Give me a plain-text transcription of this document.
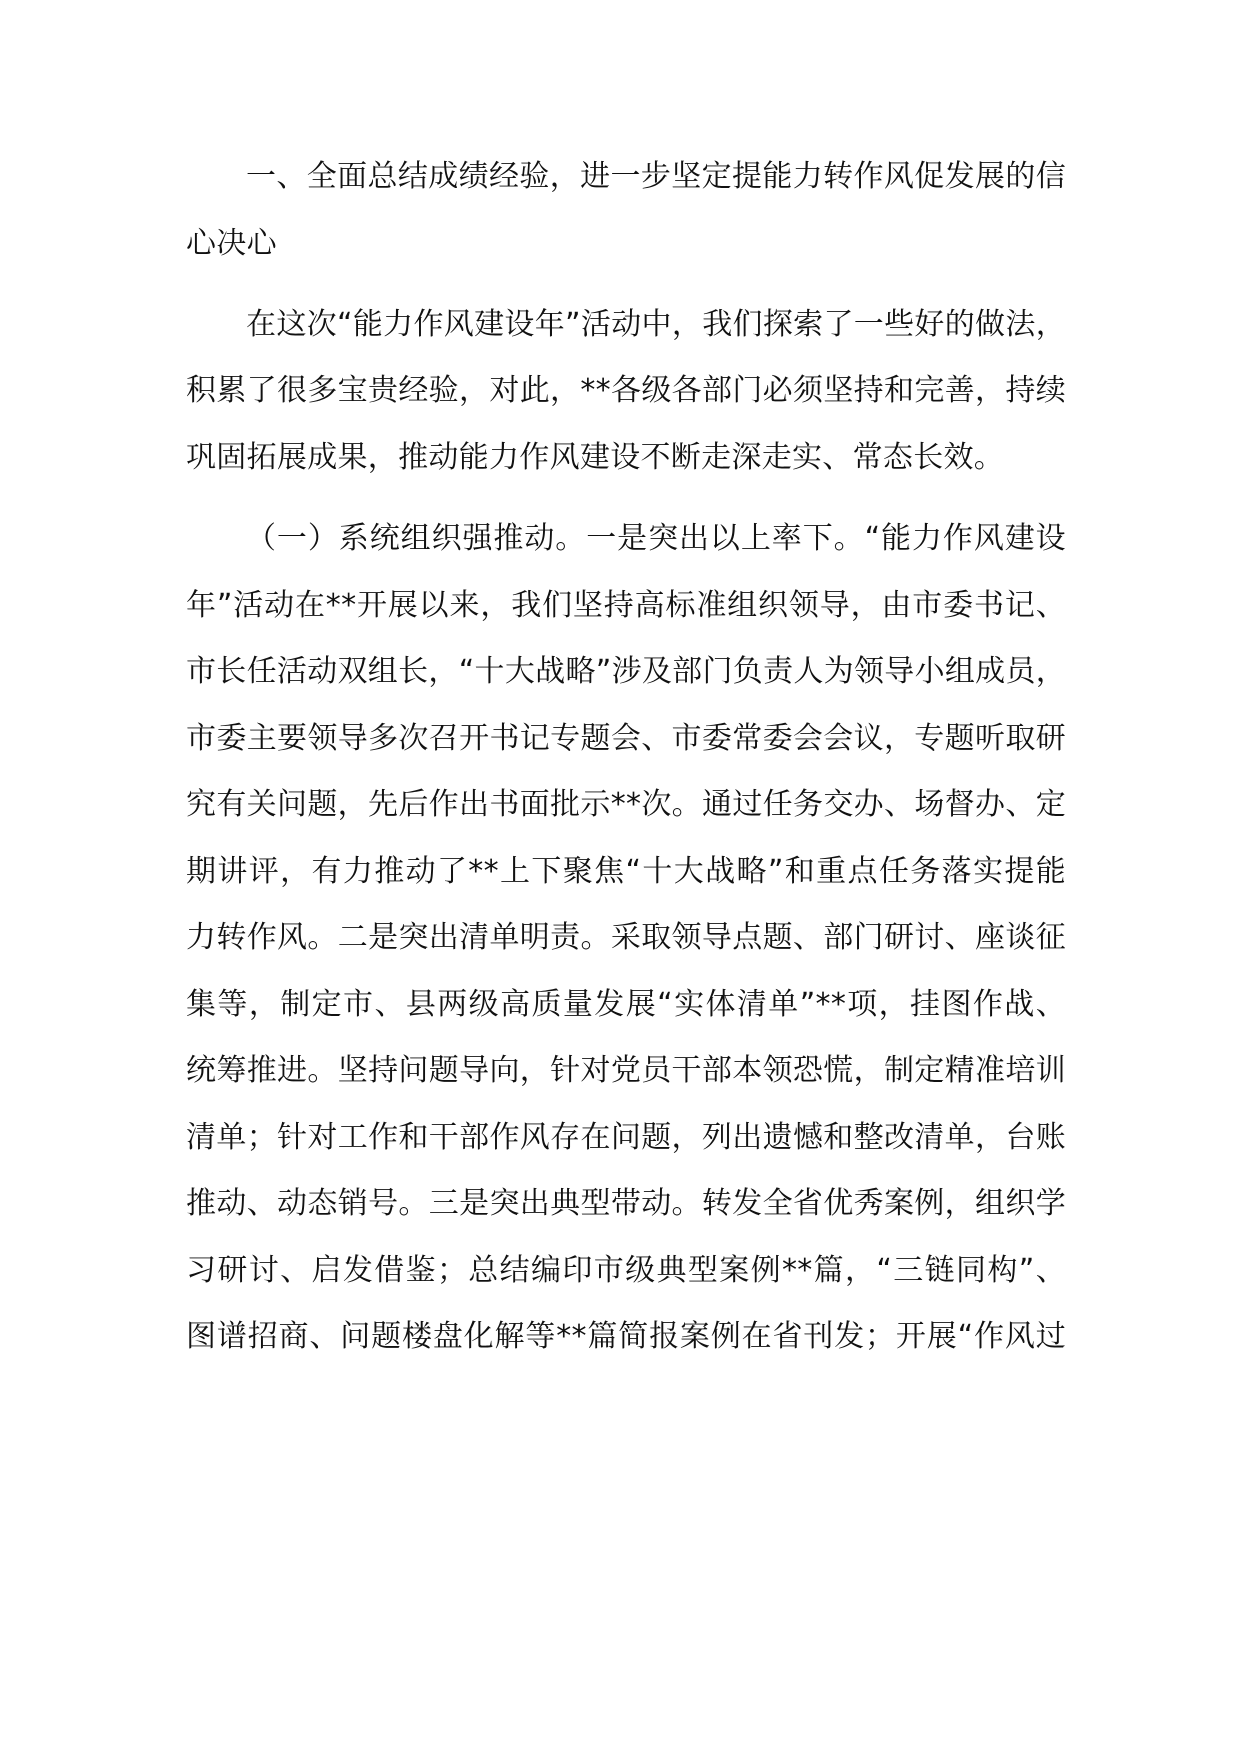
一、全面总结成绩经验，进一步坚定提能力转作风促发展的信
心决心
在这次“能力作风建设年”活动中，我们探索了一些好的做法，
积累了很多宝贵经验，对此，**各级各部门必须坚持和完善，持续
巩固拓展成果，推动能力作风建设不断走深走实、常态长效。
（一）系统组织强推动。一是突出以上率下。“能力作风建设
年”活动在**开展以来，我们坚持高标准组织领导，由市委书记、
市长任活动双组长，“十大战略”涉及部门负责人为领导小组成员，
市委主要领导多次召开书记专题会、市委常委会会议，专题听取研
究有关问题，先后作出书面批示**次。通过任务交办、场督办、定
期讲评，有力推动了**上下聚焦“十大战略”和重点任务落实提能
力转作风。二是突出清单明责。采取领导点题、部门研讨、座谈征
集等，制定市、县两级高质量发展“实体清单”**项，挂图作战、
统筹推进。坚持问题导向，针对党员干部本领恐慌，制定精准培训
清单；针对工作和干部作风存在问题，列出遗憾和整改清单，台账
推动、动态销号。三是突出典型带动。转发全省优秀案例，组织学
习研讨、启发借鉴；总结编印市级典型案例**篇，“三链同构”、
图谱招商、问题楼盘化解等**篇简报案例在省刊发；开展“作风过
